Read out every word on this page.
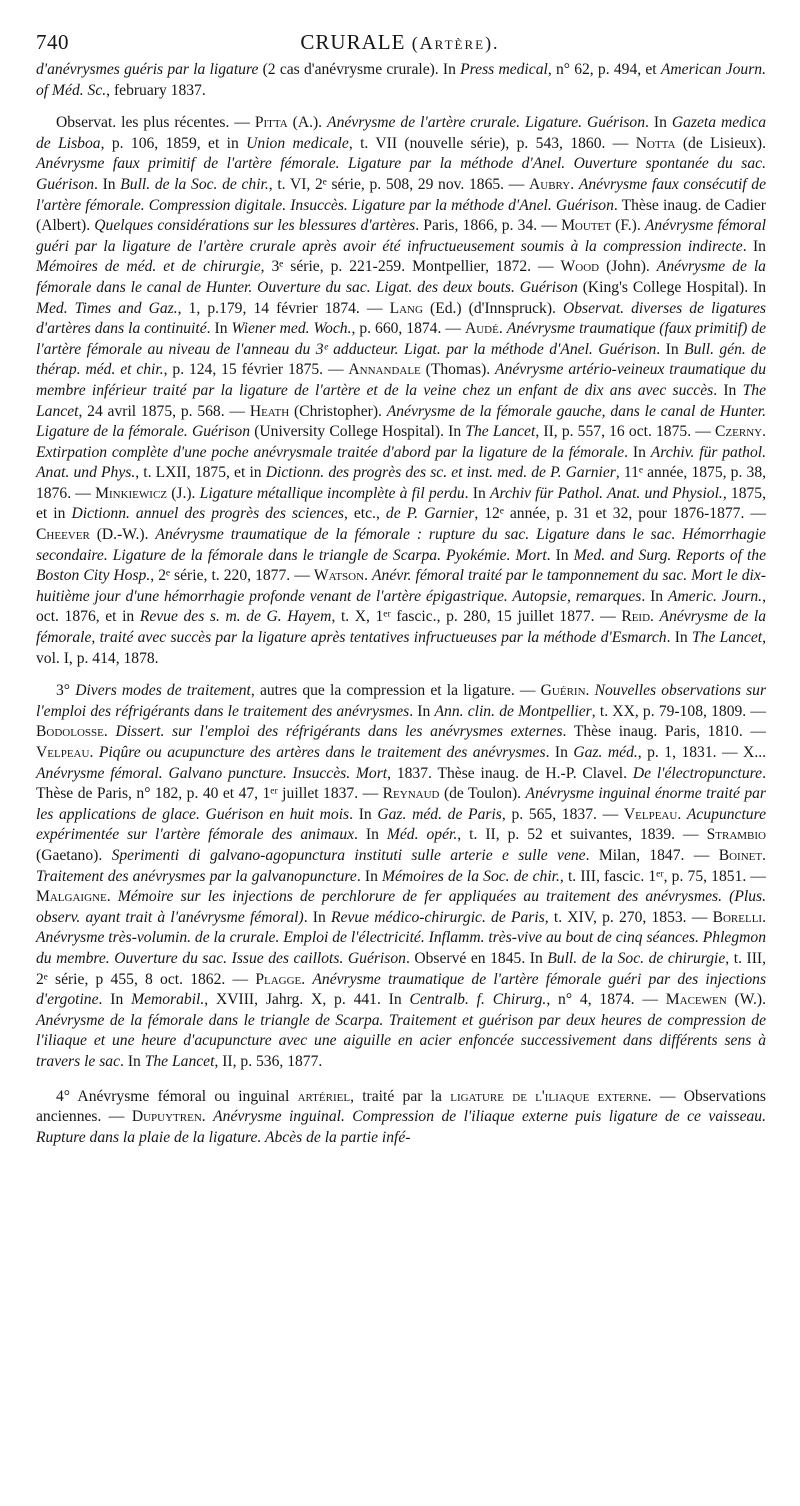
740	CRURALE (Artère).

d'anévrysmes guéris par la ligature (2 cas d'anévrysme crurale). In Press medical, n° 62, p. 494, et American Journ. of Méd. Sc., february 1837.

Observat. les plus récentes. — Pitta (A.). Anévrysme de l'artère crurale. Ligature. Guérison. In Gazeta medica de Lisboa, p. 106, 1859, et in Union medicale, t. VII (nouvelle série), p. 543, 1860. — Notta (de Lisieux). Anévrysme faux primitif de l'artère fémorale. Ligature par la méthode d'Anel. Ouverture spontanée du sac. Guérison. In Bull. de la Soc. de chir., t. VI, 2ᵉ série, p. 508, 29 nov. 1865. — Aubry. Anévrysme faux consécutif de l'artère fémorale. Compression digitale. Insuccès. Ligature par la méthode d'Anel. Guérison. Thèse inaug. de Cadier (Albert). Quelques considérations sur les blessures d'artères. Paris, 1866, p. 34. — Moutet (F.). Anévrysme fémoral guéri par la ligature de l'artère crurale après avoir été infructueusement soumis à la compression indirecte. In Mémoires de méd. et de chirurgie, 3ᵉ série, p. 221-259. Montpellier, 1872. — Wood (John). Anévrysme de la fémorale dans le canal de Hunter. Ouverture du sac. Ligat. des deux bouts. Guérison (King's College Hospital). In Med. Times and Gaz., 1, p.179, 14 février 1874. — Lang (Ed.) (d'Innspruck). Observat. diverses de ligatures d'artères dans la continuité. In Wiener med. Woch., p. 660, 1874. — Audé. Anévrysme traumatique (faux primitif) de l'artère fémorale au niveau de l'anneau du 3ᵉ adducteur. Ligat. par la méthode d'Anel. Guérison. In Bull. gén. de thérap. méd. et chir., p. 124, 15 février 1875. — Annandale (Thomas). Anévrysme artério-veineux traumatique du membre inférieur traité par la ligature de l'artère et de la veine chez un enfant de dix ans avec succès. In The Lancet, 24 avril 1875, p. 568. — Heath (Christopher). Anévrysme de la fémorale gauche, dans le canal de Hunter. Ligature de la fémorale. Guérison (University College Hospital). In The Lancet, II, p. 557, 16 oct. 1875. — Czerny. Extirpation complète d'une poche anévrysmale traitée d'abord par la ligature de la fémorale. In Archiv. für pathol. Anat. und Phys., t. LXII, 1875, et in Dictionn. des progrès des sc. et inst. med. de P. Garnier, 11ᵉ année, 1875, p. 38, 1876. — Minkiewicz (J.). Ligature métallique incomplète à fil perdu. In Archiv für Pathol. Anat. und Physiol., 1875, et in Dictionn. annuel des progrès des sciences, etc., de P. Garnier, 12ᵉ année, p. 31 et 32, pour 1876-1877. — Cheever (D.-W.). Anévrysme traumatique de la fémorale : rupture du sac. Ligature dans le sac. Hémorrhagie secondaire. Ligature de la fémorale dans le triangle de Scarpa. Pyokémie. Mort. In Med. and Surg. Reports of the Boston City Hosp., 2ᵉ série, t. 220, 1877. — Watson. Anévr. fémoral traité par le tamponnement du sac. Mort le dix-huitième jour d'une hémorrhagie profonde venant de l'artère épigastrique. Autopsie, remarques. In Americ. Journ., oct. 1876, et in Revue des s. m. de G. Hayem, t. X, 1ᵉʳ fascic., p. 280, 15 juillet 1877. — Reid. Anévrysme de la fémorale, traité avec succès par la ligature après tentatives infructueuses par la méthode d'Esmarch. In The Lancet, vol. I, p. 414, 1878.

3° Divers modes de traitement, autres que la compression et la ligature. — Guérin. Nouvelles observations sur l'emploi des réfrigérants dans le traitement des anévrysmes. In Ann. clin. de Montpellier, t. XX, p. 79-108, 1809. — Bodolosse. Dissert. sur l'emploi des réfrigérants dans les anévrysmes externes. Thèse inaug. Paris, 1810. — Velpeau. Piqûre ou acupuncture des artères dans le traitement des anévrysmes. In Gaz. méd., p. 1, 1831. — X... Anévrysme fémoral. Galvano puncture. Insuccès. Mort, 1837. Thèse inaug. de H.-P. Clavel. De l'électropuncture. Thèse de Paris, n° 182, p. 40 et 47, 1ᵉʳ juillet 1837. — Reynaud (de Toulon). Anévrysme inguinal énorme traité par les applications de glace. Guérison en huit mois. In Gaz. méd. de Paris, p. 565, 1837. — Velpeau. Acupuncture expérimentée sur l'artère fémorale des animaux. In Méd. opér., t. II, p. 52 et suivantes, 1839. — Strambio (Gaetano). Sperimenti di galvano-agopunctura instituti sulle arterie e sulle vene. Milan, 1847. — Boinet. Traitement des anévrysmes par la galvanopuncture. In Mémoires de la Soc. de chir., t. III, fascic. 1ᵉʳ, p. 75, 1851. — Malgaigne. Mémoire sur les injections de perchlorure de fer appliquées au traitement des anévrysmes. (Plus. observ. ayant trait à l'anévrysme fémoral). In Revue médico-chirurgic. de Paris, t. XIV, p. 270, 1853. — Borelli. Anévrysme très-volumin. de la crurale. Emploi de l'électricité. Inflamm. très-vive au bout de cinq séances. Phlegmon du membre. Ouverture du sac. Issue des caillots. Guérison. Observé en 1845. In Bull. de la Soc. de chirurgie, t. III, 2ᵉ série, p 455, 8 oct. 1862. — Plagge. Anévrysme traumatique de l'artère fémorale guéri par des injections d'ergotine. In Memorabil., XVIII, Jahrg. X, p. 441. In Centralb. f. Chirurg., n° 4, 1874. — Macewen (W.). Anévrysme de la fémorale dans le triangle de Scarpa. Traitement et guérison par deux heures de compression de l'iliaque et une heure d'acupuncture avec une aiguille en acier enfoncée successivement dans différents sens à travers le sac. In The Lancet, II, p. 536, 1877.

4° Anévrysme fémoral ou inguinal artériel, traité par la ligature de l'iliaque externe. — Observations anciennes. — Dupuytren. Anévrysme inguinal. Compression de l'iliaque externe puis ligature de ce vaisseau. Rupture dans la plaie de la ligature. Abcès de la partie infé-
